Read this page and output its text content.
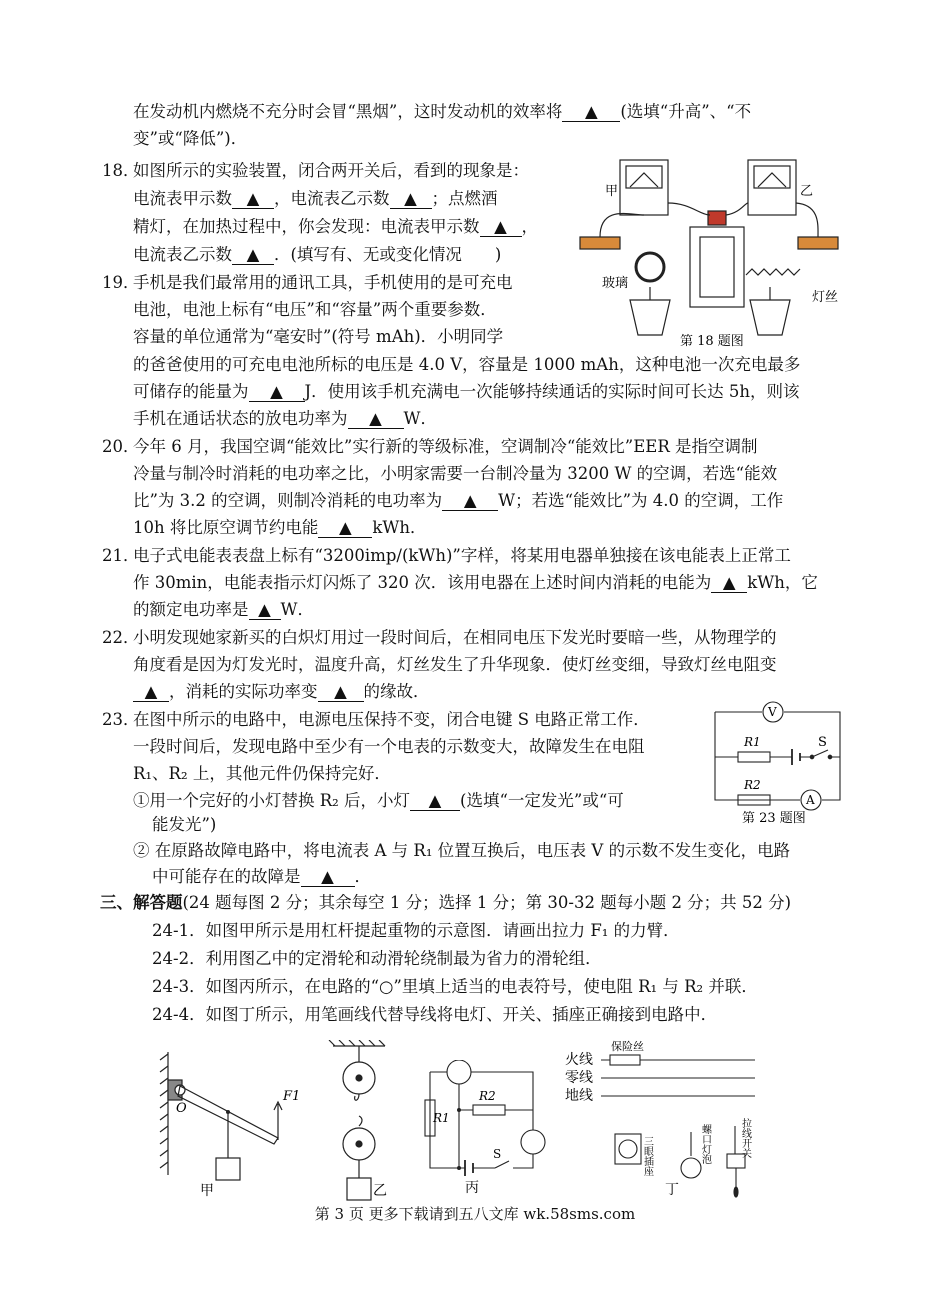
在发动机内燃烧不充分时会冒“黑烟”，这时发动机的效率将 ▲ (选填“升高”、“不
变”或“降低”)．
18．
如图所示的实验装置，闭合两开关后，看到的现象是：
电流表甲示数 ▲ ，电流表乙示数 ▲ ；点燃酒
精灯，在加热过程中，你会发现：电流表甲示数 ▲ ，
电流表乙示数 ▲ ．(填写有、无或变化情况　　)
甲	乙
玻璃
灯丝
第 18 题图
19．
手机是我们最常用的通讯工具，手机使用的是可充电
电池，电池上标有“电压”和“容量”两个重要参数．
容量的单位通常为“毫安时”(符号 mAh)．小明同学
的爸爸使用的可充电电池所标的电压是 4.0 V，容量是 1000 mAh，这种电池一次充电最多
可储存的能量为 ▲ J．使用该手机充满电一次能够持续通话的实际时间可长达 5h，则该
手机在通话状态的放电功率为 ▲ W．
20．
今年 6 月，我国空调“能效比”实行新的等级标准，空调制冷“能效比”EER 是指空调制
冷量与制冷时消耗的电功率之比，小明家需要一台制冷量为 3200 W 的空调，若选“能效
比”为 3.2 的空调，则制冷消耗的电功率为 ▲ W；若选“能效比”为 4.0 的空调，工作
10h 将比原空调节约电能 ▲ kWh．
21．
电子式电能表表盘上标有“3200imp/(kWh)”字样，将某用电器单独接在该电能表上正常工
作 30min，电能表指示灯闪烁了 320 次．该用电器在上述时间内消耗的电能为 ▲ kWh，它
的额定电功率是 ▲ W．
22．
小明发现她家新买的白炽灯用过一段时间后，在相同电压下发光时要暗一些，从物理学的
角度看是因为灯发光时，温度升高，灯丝发生了升华现象．使灯丝变细，导致灯丝电阻变
▲ ，消耗的实际功率变 ▲ 的缘故．
23．
在图中所示的电路中，电源电压保持不变，闭合电键 S 电路正常工作．
一段时间后，发现电路中至少有一个电表的示数变大，故障发生在电阻
R₁、R₂ 上，其他元件仍保持完好．
①用一个完好的小灯替换 R₂ 后，小灯 ▲ (选填“一定发光”或“可
能发光”)
② 在原路故障电路中，将电流表 A 与 R₁ 位置互换后，电压表 V 的示数不发生变化，电路
中可能存在的故障是 ▲ ．
V
A
R1
R2
S
第 23 题图
三、解答题(24 题每图 2 分；其余每空 1 分；选择 1 分；第 30-32 题每小题 2 分；共 52 分)
24-1．如图甲所示是用杠杆提起重物的示意图．请画出拉力 F₁ 的力臂．
24-2．利用图乙中的定滑轮和动滑轮绕制最为省力的滑轮组．
24-3．如图丙所示，在电路的“○”里填上适当的电表符号，使电阻 R₁ 与 R₂ 并联．
24-4．如图丁所示，用笔画线代替导线将电灯、开关、插座正确接到电路中．
O
F1
甲	乙
R1
R2
S
丙
火线
零线
地线
保险丝
三眼插座	螺口灯泡	拉线开关
丁
第 3 页 更多下载请到五八文库 wk.58sms.com
